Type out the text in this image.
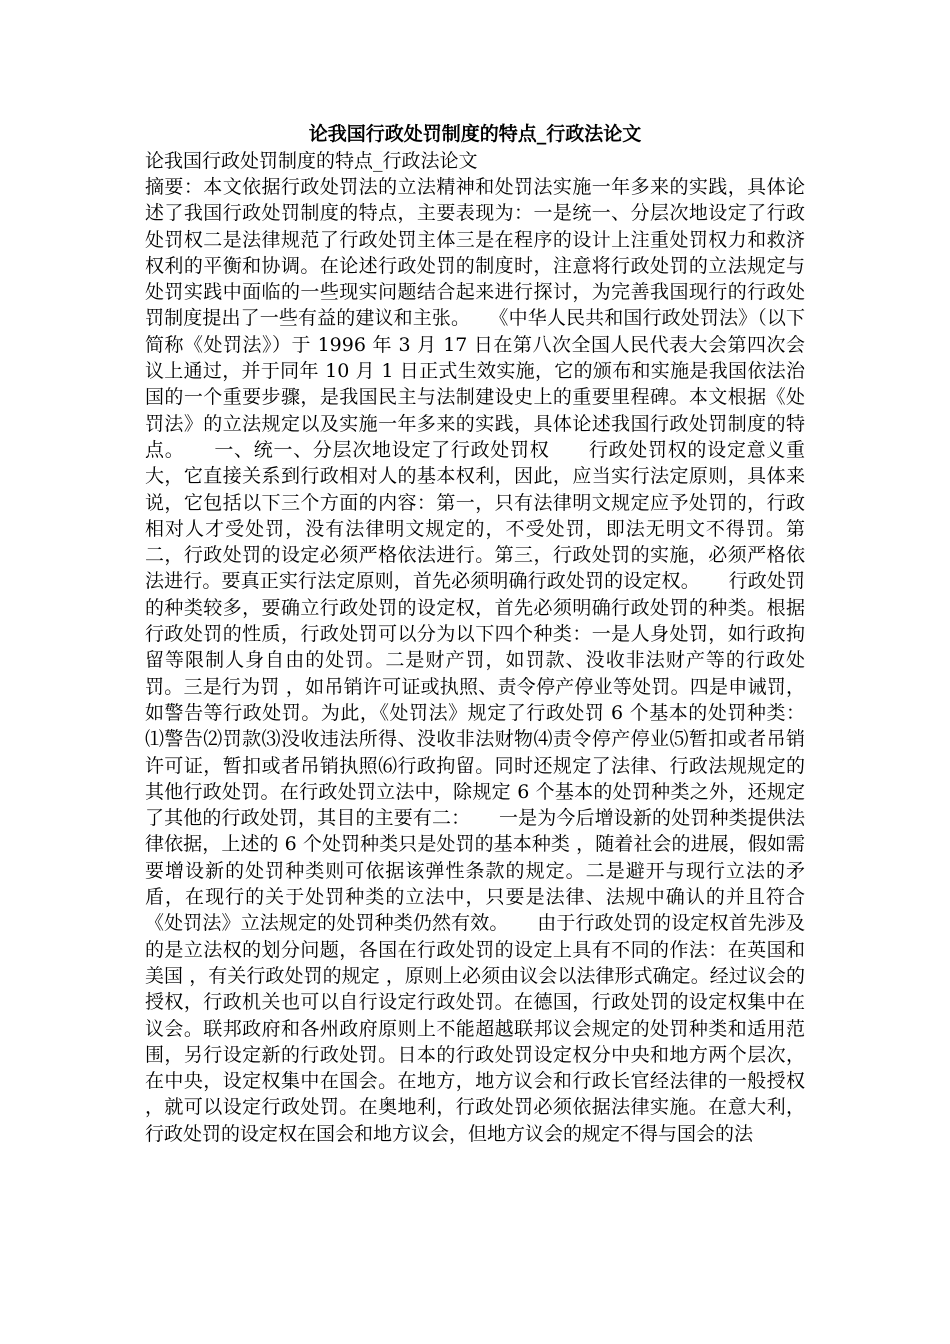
论我国行政处罚制度的特点_行政法论文
论我国行政处罚制度的特点_行政法论文
摘要：本文依据行政处罚法的立法精神和处罚法实施一年多来的实践，具体论述了我国行政处罚制度的特点，主要表现为：一是统一、分层次地设定了行政处罚权二是法律规范了行政处罚主体三是在程序的设计上注重处罚权力和救济权利的平衡和协调。在论述行政处罚的制度时，注意将行政处罚的立法规定与处罚实践中面临的一些现实问题结合起来进行探讨，为完善我国现行的行政处罚制度提出了一些有益的建议和主张。　　《中华人民共和国行政处罚法》（以下简称《处罚法》）于 1996 年 3 月 17 日在第八次全国人民代表大会第四次会议上通过，并于同年 10 月 1 日正式生效实施，它的颁布和实施是我国依法治国的一个重要步骤，是我国民主与法制建设史上的重要里程碑。本文根据《处罚法》的立法规定以及实施一年多来的实践，具体论述我国行政处罚制度的特点。　　一、统一、分层次地设定了行政处罚权　　行政处罚权的设定意义重大，它直接关系到行政相对人的基本权利，因此，应当实行法定原则，具体来说，它包括以下三个方面的内容：第一，只有法律明文规定应予处罚的，行政相对人才受处罚，没有法律明文规定的，不受处罚，即法无明文不得罚。第二，行政处罚的设定必须严格依法进行。第三，行政处罚的实施，必须严格依法进行。要真正实行法定原则，首先必须明确行政处罚的设定权。　　行政处罚的种类较多，要确立行政处罚的设定权，首先必须明确行政处罚的种类。根据行政处罚的性质，行政处罚可以分为以下四个种类：一是人身处罚，如行政拘留等限制人身自由的处罚。二是财产罚，如罚款、没收非法财产等的行政处罚。三是行为罚 ，如吊销许可证或执照、责令停产停业等处罚。四是申诫罚，如警告等行政处罚。为此，《处罚法》规定了行政处罚 6 个基本的处罚种类：⑴警告⑵罚款⑶没收违法所得、没收非法财物⑷责令停产停业⑸暂扣或者吊销许可证，暂扣或者吊销执照⑹行政拘留。同时还规定了法律、行政法规规定的其他行政处罚。在行政处罚立法中，除规定 6 个基本的处罚种类之外，还规定了其他的行政处罚，其目的主要有二：　　一是为今后增设新的处罚种类提供法律依据，上述的 6 个处罚种类只是处罚的基本种类 ，随着社会的进展，假如需要增设新的处罚种类则可依据该弹性条款的规定。二是避开与现行立法的矛盾，在现行的关于处罚种类的立法中，只要是法律、法规中确认的并且符合《处罚法》立法规定的处罚种类仍然有效。　　由于行政处罚的设定权首先涉及的是立法权的划分问题，各国在行政处罚的设定上具有不同的作法：在英国和美国 ，有关行政处罚的规定 ，原则上必须由议会以法律形式确定。经过议会的授权，行政机关也可以自行设定行政处罚。在德国，行政处罚的设定权集中在议会。联邦政府和各州政府原则上不能超越联邦议会规定的处罚种类和适用范围，另行设定新的行政处罚。日本的行政处罚设定权分中央和地方两个层次，在中央，设定权集中在国会。在地方，地方议会和行政长官经法律的一般授权 ，就可以设定行政处罚。在奥地利，行政处罚必须依据法律实施。在意大利，行政处罚的设定权在国会和地方议会，但地方议会的规定不得与国会的法
